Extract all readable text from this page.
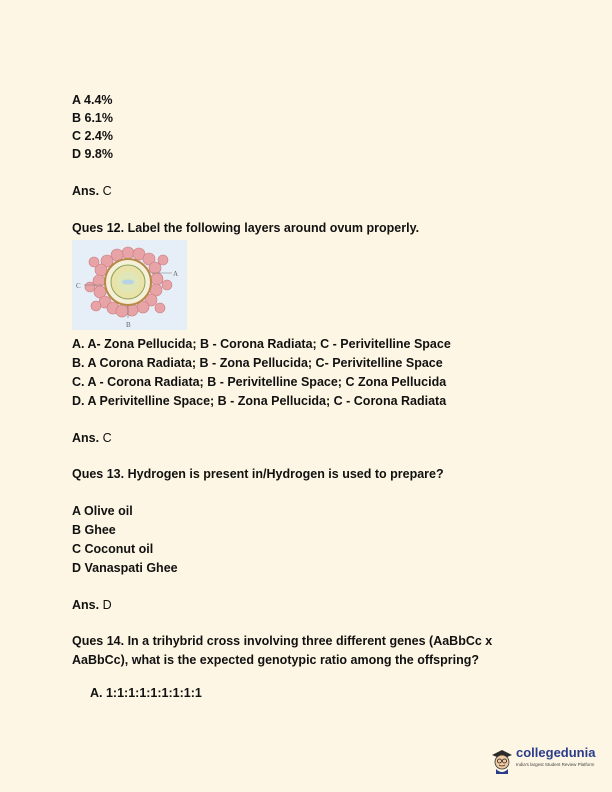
A 4.4%
B 6.1%
C 2.4%
D 9.8%
Ans. C
Ques 12. Label the following layers around ovum properly.
A
C
B
A. A- Zona Pellucida; B - Corona Radiata; C - Perivitelline Space
B. A Corona Radiata; B - Zona Pellucida; C- Perivitelline Space
C. A - Corona Radiata; B - Perivitelline Space; C Zona Pellucida
D. A Perivitelline Space; B - Zona Pellucida; C - Corona Radiata
Ans. C
Ques 13. Hydrogen is present in/Hydrogen is used to prepare?
A Olive oil
B Ghee
C Coconut oil
D Vanaspati Ghee
Ans. D
Ques 14. In a trihybrid cross involving three different genes (AaBbCc x AaBbCc), what is the expected genotypic ratio among the offspring?
A. 1:1:1:1:1:1:1:1:1
collegedunia
India's largest Student Review Platform
